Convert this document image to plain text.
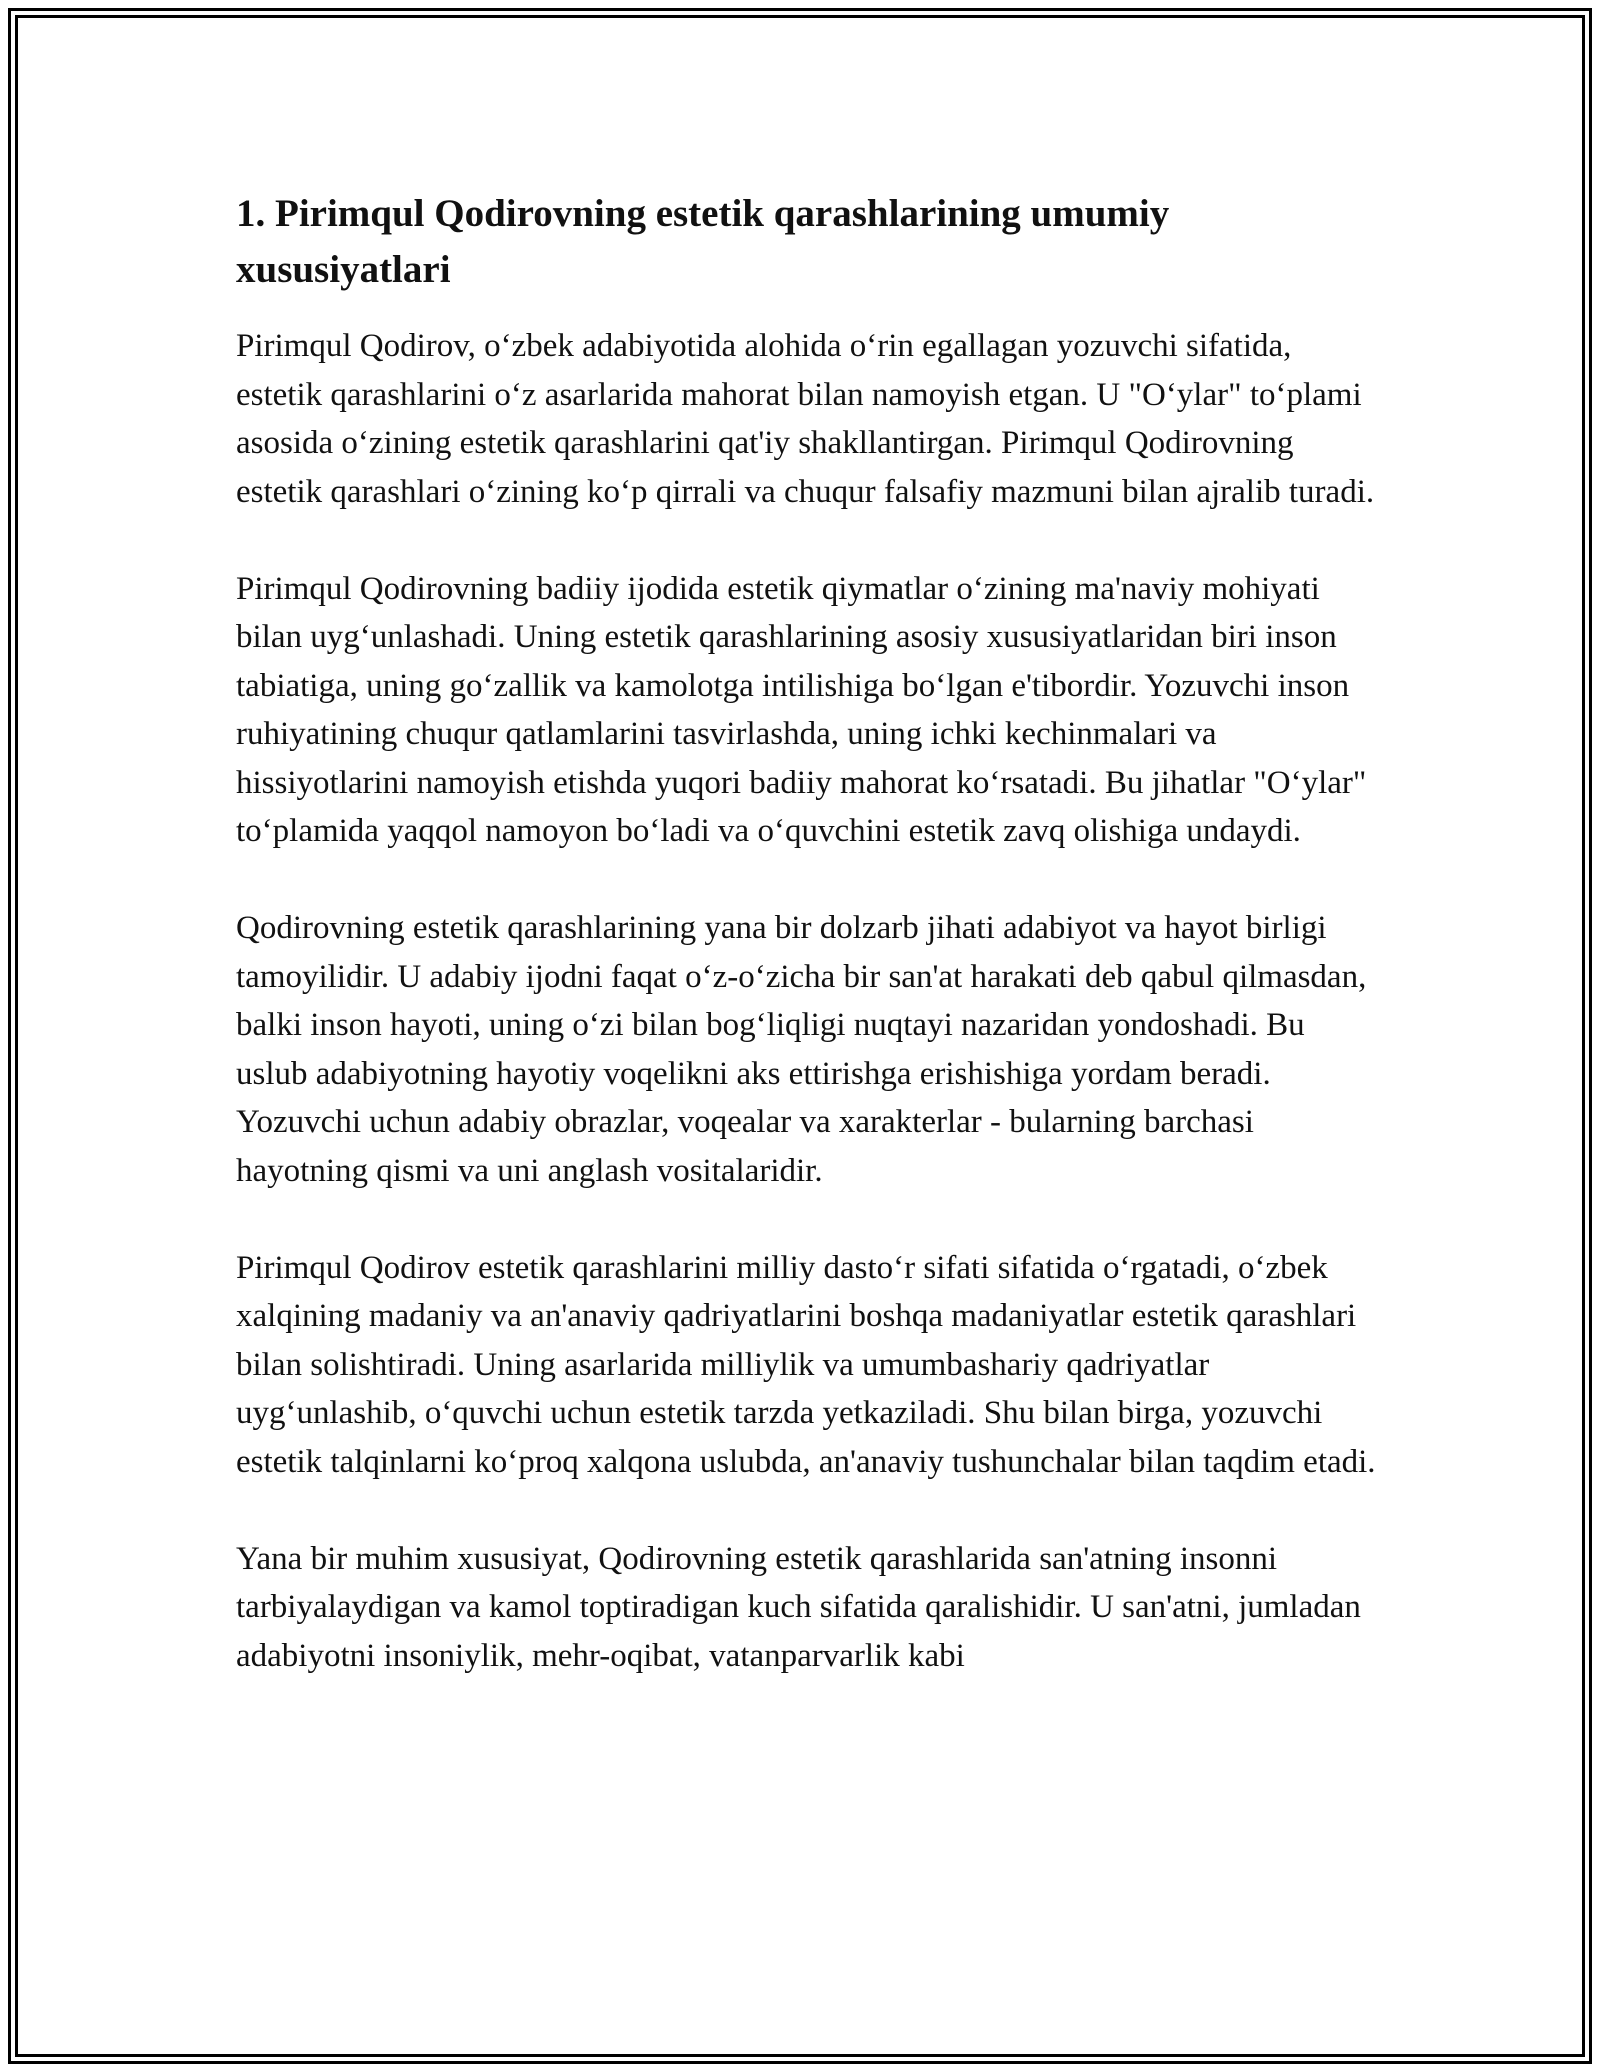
1. Pirimqul Qodirovning estetik qarashlarining umumiy xususiyatlari

Pirimqul Qodirov, o‘zbek adabiyotida alohida o‘rin egallagan yozuvchi sifatida, estetik qarashlarini o‘z asarlarida mahorat bilan namoyish etgan. U "O‘ylar" to‘plami asosida o‘zining estetik qarashlarini qat'iy shakllantirgan. Pirimqul Qodirovning estetik qarashlari o‘zining ko‘p qirrali va chuqur falsafiy mazmuni bilan ajralib turadi.

Pirimqul Qodirovning badiiy ijodida estetik qiymatlar o‘zining ma'naviy mohiyati bilan uyg‘unlashadi. Uning estetik qarashlarining asosiy xususiyatlaridan biri inson tabiatiga, uning go‘zallik va kamolotga intilishiga bo‘lgan e'tibordir. Yozuvchi inson ruhiyatining chuqur qatlamlarini tasvirlashda, uning ichki kechinmalari va hissiyotlarini namoyish etishda yuqori badiiy mahorat ko‘rsatadi. Bu jihatlar "O‘ylar" to‘plamida yaqqol namoyon bo‘ladi va o‘quvchini estetik zavq olishiga undaydi.

Qodirovning estetik qarashlarining yana bir dolzarb jihati adabiyot va hayot birligi tamoyilidir. U adabiy ijodni faqat o‘z-o‘zicha bir san'at harakati deb qabul qilmasdan, balki inson hayoti, uning o‘zi bilan bog‘liqligi nuqtayi nazaridan yondoshadi. Bu uslub adabiyotning hayotiy voqelikni aks ettirishga erishishiga yordam beradi. Yozuvchi uchun adabiy obrazlar, voqealar va xarakterlar - bularning barchasi hayotning qismi va uni anglash vositalaridir.

Pirimqul Qodirov estetik qarashlarini milliy dasto‘r sifati sifatida o‘rgatadi, o‘zbek xalqining madaniy va an'anaviy qadriyatlarini boshqa madaniyatlar estetik qarashlari bilan solishtiradi. Uning asarlarida milliylik va umumbashariy qadriyatlar uyg‘unlashib, o‘quvchi uchun estetik tarzda yetkaziladi. Shu bilan birga, yozuvchi estetik talqinlarni ko‘proq xalqona uslubda, an'anaviy tushunchalar bilan taqdim etadi.

Yana bir muhim xususiyat, Qodirovning estetik qarashlarida san'atning insonni tarbiyalaydigan va kamol toptiradigan kuch sifatida qaralishidir. U san'atni, jumladan adabiyotni insoniylik, mehr-oqibat, vatanparvarlik kabi
